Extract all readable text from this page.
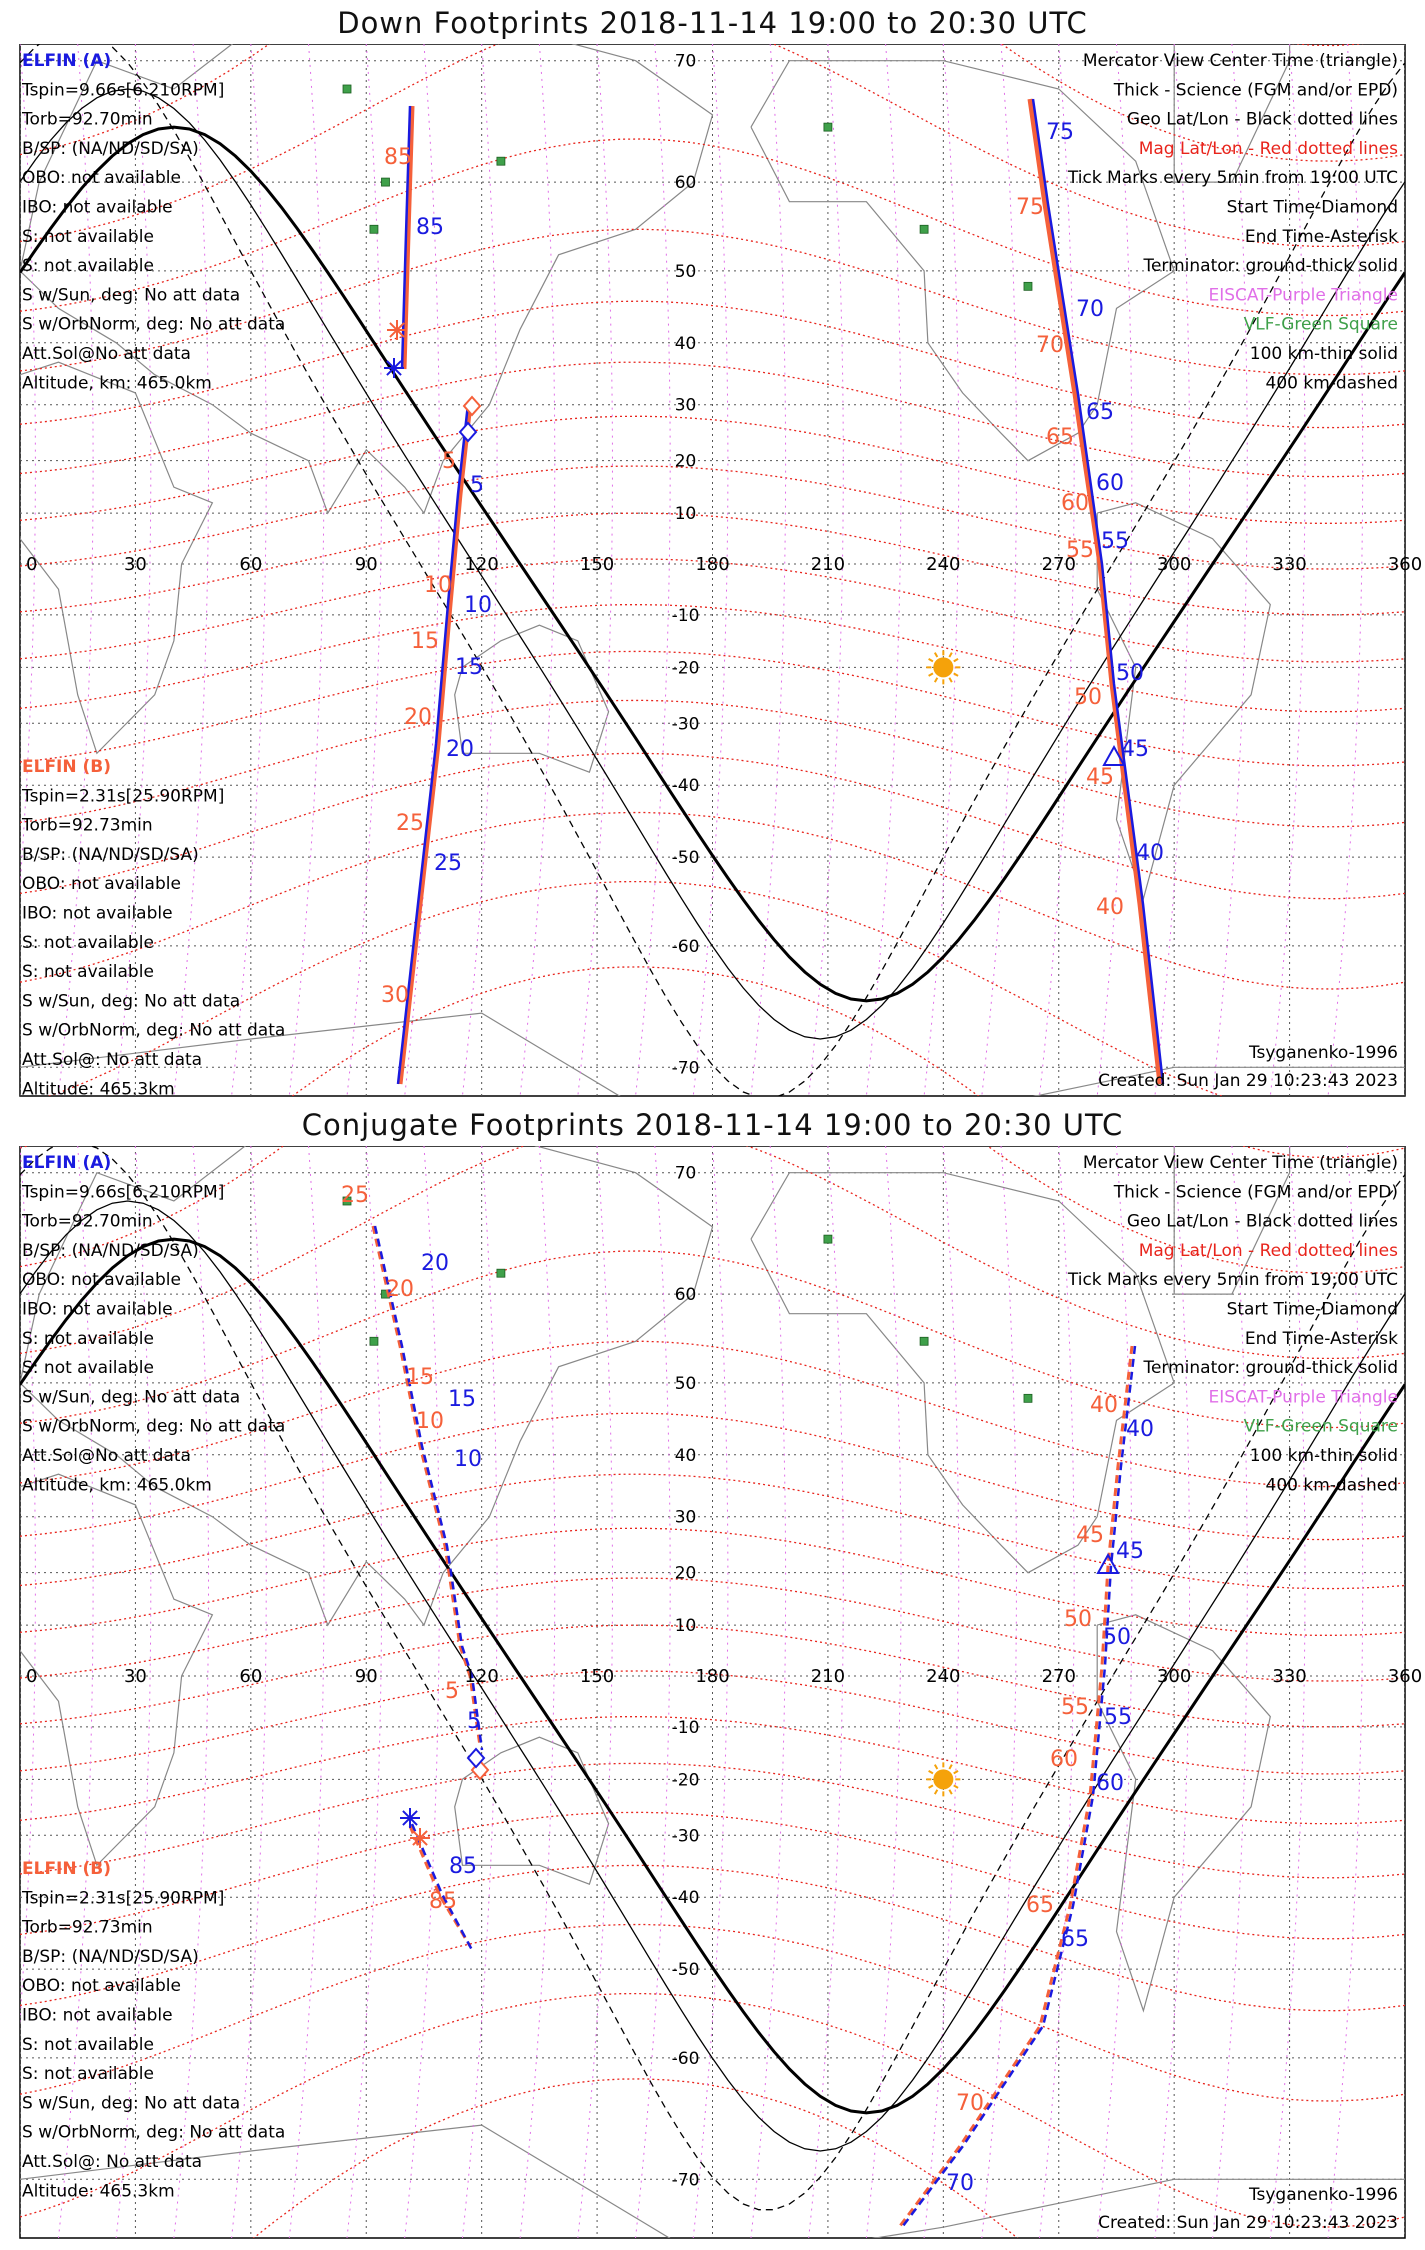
Down Footprints 2018-11-14 19:00 to 20:30 UTC
0	30	60	90	120	150	180	210	240	270	300	330	360
70
60
50
40
30
20
10
-10
-20
-30
-40
-50
-60
-70
ELFIN (A)
Tspin=9.66s[6.210RPM]
Torb=92.70min
B/SP: (NA/ND/SD/SA)
OBO: not available
IBO: not available
S: not available
S: not available
S w/Sun, deg: No att data
S w/OrbNorm, deg: No att data
Att.Sol@No att data
Altitude, km: 465.0km
ELFIN (B)
Tspin=2.31s[25.90RPM]
Torb=92.73min
B/SP: (NA/ND/SD/SA)
OBO: not available
IBO: not available
S: not available
S: not available
S w/Sun, deg: No att data
S w/OrbNorm, deg: No att data
Att.Sol@: No att data
Altitude: 465.3km
Mercator View Center Time (triangle)
Thick - Science (FGM and/or EPD)
Geo Lat/Lon - Black dotted lines
Mag Lat/Lon - Red dotted lines
Tick Marks every 5min from 19:00 UTC
Start Time-Diamond
End Time-Asterisk
Terminator: ground-thick solid
EISCAT-Purple Triangle
VLF-Green Square
100 km-thin solid
400 km-dashed
Tsyganenko-1996
Created: Sun Jan 29 10:23:43 2023
85
5
10
15
20
25
75
70
65
60
55
50
45
40
85
5
10
15
20
25
30
75
70
65
60
55
50
45
40
Conjugate Footprints 2018-11-14 19:00 to 20:30 UTC
0	30	60	90	120	150	180	210	240	270	300	330	360
70
60
50
40
30
20
10
-10
-20
-30
-40
-50
-60
-70
ELFIN (A)
Tspin=9.66s[6.210RPM]
Torb=92.70min
B/SP: (NA/ND/SD/SA)
OBO: not available
IBO: not available
S: not available
S: not available
S w/Sun, deg: No att data
S w/OrbNorm, deg: No att data
Att.Sol@No att data
Altitude, km: 465.0km
ELFIN (B)
Tspin=2.31s[25.90RPM]
Torb=92.73min
B/SP: (NA/ND/SD/SA)
OBO: not available
IBO: not available
S: not available
S: not available
S w/Sun, deg: No att data
S w/OrbNorm, deg: No att data
Att.Sol@: No att data
Altitude: 465.3km
Mercator View Center Time (triangle)
Thick - Science (FGM and/or EPD)
Geo Lat/Lon - Black dotted lines
Mag Lat/Lon - Red dotted lines
Tick Marks every 5min from 19:00 UTC
Start Time-Diamond
End Time-Asterisk
Terminator: ground-thick solid
EISCAT-Purple Triangle
VLF-Green Square
100 km-thin solid
400 km-dashed
Tsyganenko-1996
Created: Sun Jan 29 10:23:43 2023
20
15
10
5
85
40
45
50
55
60
65
70
25
20
15
10
5
85
40
45
50
55
60
65
70
